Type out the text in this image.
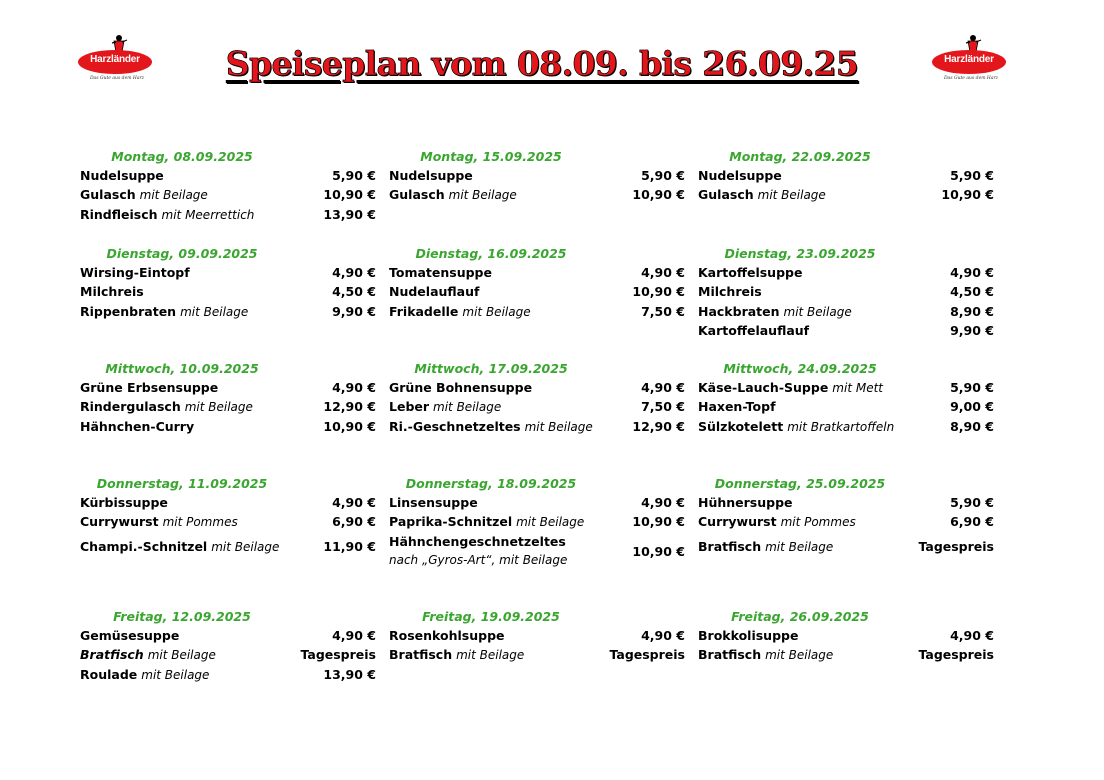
Harzländer
Das Gute aus dem Harz
Harzländer
Das Gute aus dem Harz
Speiseplan vom 08.09. bis 26.09.25
Montag, 08.09.2025
Nudelsuppe	5,90 €
Gulasch mit Beilage	10,90 €
Rindfleisch mit Meerrettich	13,90 €
Dienstag, 09.09.2025
Wirsing-Eintopf	4,90 €
Milchreis	4,50 €
Rippenbraten mit Beilage	9,90 €
Mittwoch, 10.09.2025
Grüne Erbsensuppe	4,90 €
Rindergulasch mit Beilage	12,90 €
Hähnchen-Curry	10,90 €
Donnerstag, 11.09.2025
Kürbissuppe	4,90 €
Currywurst mit Pommes	6,90 €
Champi.-Schnitzel mit Beilage	11,90 €
Freitag, 12.09.2025
Gemüsesuppe	4,90 €
Bratfisch mit Beilage	Tagespreis
Roulade mit Beilage	13,90 €
Montag, 15.09.2025
Nudelsuppe	5,90 €
Gulasch mit Beilage	10,90 €
Dienstag, 16.09.2025
Tomatensuppe	4,90 €
Nudelauflauf	10,90 €
Frikadelle mit Beilage	7,50 €
Mittwoch, 17.09.2025
Grüne Bohnensuppe	4,90 €
Leber mit Beilage	7,50 €
Ri.-Geschnetzeltes mit Beilage	12,90 €
Donnerstag, 18.09.2025
Linsensuppe	4,90 €
Paprika-Schnitzel mit Beilage	10,90 €
Hähnchengeschnetzeltes
nach „Gyros-Art“, mit Beilage
10,90 €
Freitag, 19.09.2025
Rosenkohlsuppe	4,90 €
Bratfisch mit Beilage	Tagespreis
Montag, 22.09.2025
Nudelsuppe	5,90 €
Gulasch mit Beilage	10,90 €
Dienstag, 23.09.2025
Kartoffelsuppe	4,90 €
Milchreis	4,50 €
Hackbraten mit Beilage	8,90 €
Kartoffelauflauf	9,90 €
Mittwoch, 24.09.2025
Käse-Lauch-Suppe mit Mett	5,90 €
Haxen-Topf	9,00 €
Sülzkotelett mit Bratkartoffeln	8,90 €
Donnerstag, 25.09.2025
Hühnersuppe	5,90 €
Currywurst mit Pommes	6,90 €
Bratfisch mit Beilage	Tagespreis
Freitag, 26.09.2025
Brokkolisuppe	4,90 €
Bratfisch mit Beilage	Tagespreis
